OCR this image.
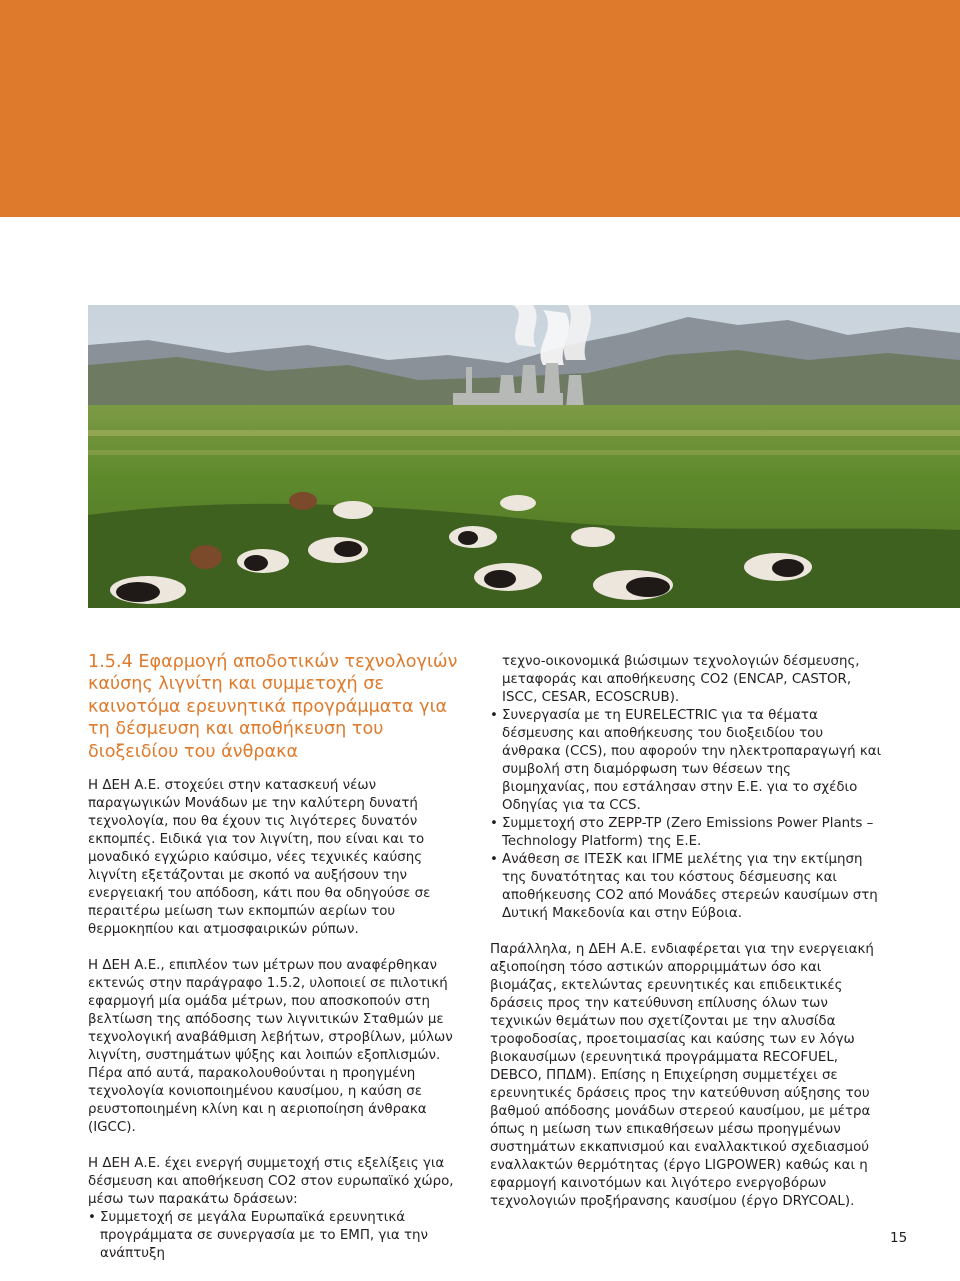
1.5.4 Εφαρμογή αποδοτικών τεχνολογιών καύσης λιγνίτη και συμμετοχή σε καινοτόμα ερευνητικά προγράμματα για τη δέσμευση και αποθήκευση του διοξειδίου του άνθρακα

Η ΔΕΗ Α.Ε. στοχεύει στην κατασκευή νέων παραγωγικών Μονάδων με την καλύτερη δυνατή τεχνολογία, που θα έχουν τις λιγότερες δυνατόν εκπομπές. Ειδικά για τον λιγνίτη, που είναι και το μοναδικό εγχώριο καύσιμο, νέες τεχνικές καύσης λιγνίτη εξετάζονται με σκοπό να αυξήσουν την ενεργειακή του απόδοση, κάτι που θα οδηγούσε σε περαιτέρω μείωση των εκπομπών αερίων του θερμοκηπίου και ατμοσφαιρικών ρύπων.

Η ΔΕΗ Α.Ε., επιπλέον των μέτρων που αναφέρθηκαν εκτενώς στην παράγραφο 1.5.2, υλοποιεί σε πιλοτική εφαρμογή μία ομάδα μέτρων, που αποσκοπούν στη βελτίωση της απόδοσης των λιγνιτικών Σταθμών με τεχνολογική αναβάθμιση λεβήτων, στροβίλων, μύλων λιγνίτη, συστημάτων ψύξης και λοιπών εξοπλισμών. Πέρα από αυτά, παρακολουθούνται η προηγμένη τεχνολογία κονιοποιημένου καυσίμου, η καύση σε ρευστοποιημένη κλίνη και η αεριοποίηση άνθρακα (IGCC).

Η ΔΕΗ Α.Ε. έχει ενεργή συμμετοχή στις εξελίξεις για δέσμευση και αποθήκευση CO2 στον ευρωπαϊκό χώρο, μέσω των παρακάτω δράσεων:

• Συμμετοχή σε μεγάλα Ευρωπαϊκά ερευνητικά προγράμματα σε συνεργασία με το ΕΜΠ, για την ανάπτυξη

τεχνο-οικονομικά βιώσιμων τεχνολογιών δέσμευσης, μεταφοράς και αποθήκευσης CO2 (ENCAP, CASTOR, ISCC, CESAR, ECOSCRUB).

• Συνεργασία με τη EURELECTRIC για τα θέματα δέσμευσης και αποθήκευσης του διοξειδίου του άνθρακα (CCS), που αφορούν την ηλεκτροπαραγωγή και συμβολή στη διαμόρφωση των θέσεων της βιομηχανίας, που εστάλησαν στην Ε.Ε. για το σχέδιο Οδηγίας για τα CCS.
• Συμμετοχή στο ZEPP-TP (Zero Emissions Power Plants –Technology Platform) της Ε.Ε.
• Ανάθεση σε ΙΤΕΣΚ και ΙΓΜΕ μελέτης για την εκτίμηση της δυνατότητας και του κόστους δέσμευσης και αποθήκευσης CO2 από Μονάδες στερεών καυσίμων στη Δυτική Μακεδονία και στην Εύβοια.

Παράλληλα, η ΔΕΗ Α.Ε. ενδιαφέρεται για την ενεργειακή αξιοποίηση τόσο αστικών απορριμμάτων όσο και βιομάζας, εκτελώντας ερευνητικές και επιδεικτικές δράσεις προς την κατεύθυνση επίλυσης όλων των τεχνικών θεμάτων που σχετίζονται με την αλυσίδα τροφοδοσίας, προετοιμασίας και καύσης των εν λόγω βιοκαυσίμων (ερευνητικά προγράμματα RECOFUEL, DEBCO, ΠΠΔΜ). Επίσης η Επιχείρηση συμμετέχει σε ερευνητικές δράσεις προς την κατεύθυνση αύξησης του βαθμού απόδοσης μονάδων στερεού καυσίμου, με μέτρα όπως η μείωση των επικαθήσεων μέσω προηγμένων συστημάτων εκκαπνισμού και εναλλακτικού σχεδιασμού εναλλακτών θερμότητας (έργο LIGPOWER) καθώς και η εφαρμογή καινοτόμων και λιγότερο ενεργοβόρων τεχνολογιών προξήρανσης καυσίμου (έργο DRYCOAL).

15
